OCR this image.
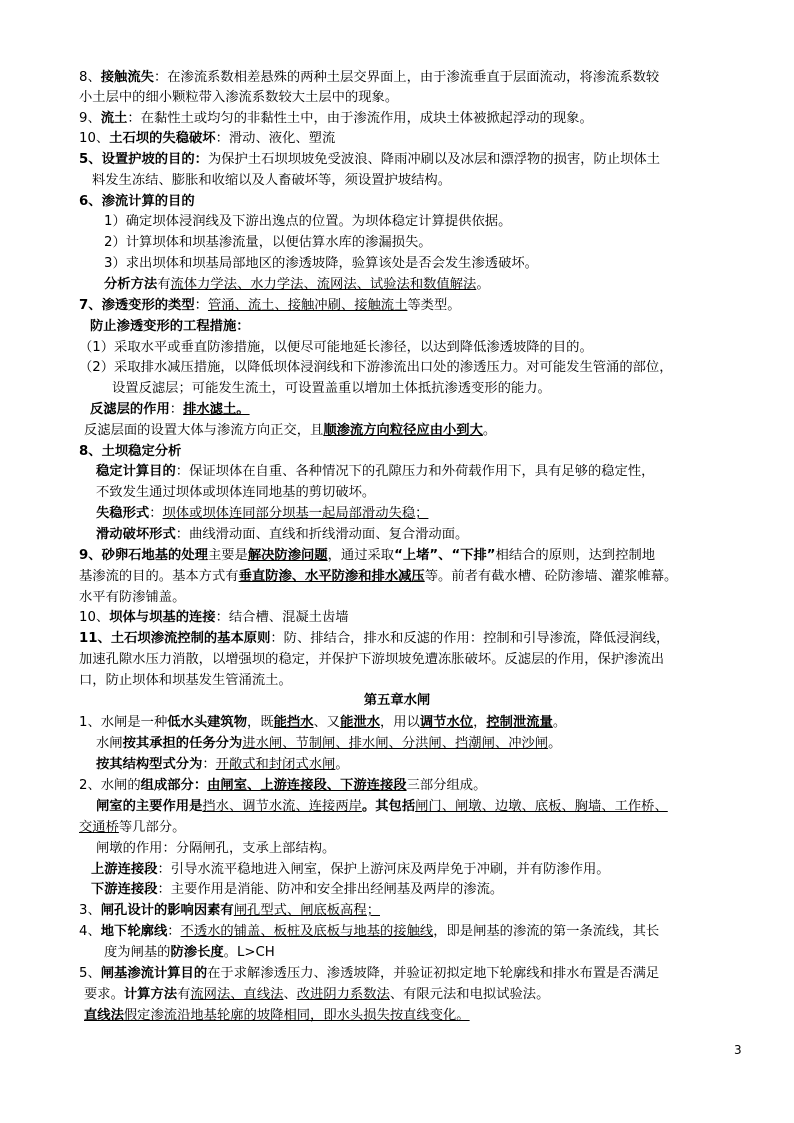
8、接触流失：在渗流系数相差悬殊的两种土层交界面上，由于渗流垂直于层面流动，将渗流系数较
小土层中的细小颗粒带入渗流系数较大土层中的现象。
9、流土：在黏性土或均匀的非黏性土中，由于渗流作用，成块土体被掀起浮动的现象。
10、土石坝的失稳破坏：滑动、液化、塑流
5、设置护坡的目的：为保护土石坝坝坡免受波浪、降雨冲刷以及冰层和漂浮物的损害，防止坝体土
料发生冻结、膨胀和收缩以及人畜破坏等，须设置护坡结构。
6、渗流计算的目的
1）确定坝体浸润线及下游出逸点的位置。为坝体稳定计算提供依据。
2）计算坝体和坝基渗流量，以便估算水库的渗漏损失。
3）求出坝体和坝基局部地区的渗透坡降，验算该处是否会发生渗透破坏。
分析方法有流体力学法、水力学法、流网法、试验法和数值解法。
7、渗透变形的类型：管涌、流土、接触冲刷、接触流土等类型。
防止渗透变形的工程措施：
（1）采取水平或垂直防渗措施，以便尽可能地延长渗径，以达到降低渗透坡降的目的。
（2）采取排水减压措施，以降低坝体浸润线和下游渗流出口处的渗透压力。对可能发生管涌的部位，
设置反滤层；可能发生流土，可设置盖重以增加土体抵抗渗透变形的能力。
反滤层的作用：排水滤土。
反滤层面的设置大体与渗流方向正交，且顺渗流方向粒径应由小到大。
8、土坝稳定分析
稳定计算目的：保证坝体在自重、各种情况下的孔隙压力和外荷载作用下，具有足够的稳定性，
不致发生通过坝体或坝体连同地基的剪切破坏。
失稳形式：坝体或坝体连同部分坝基一起局部滑动失稳；
滑动破坏形式：曲线滑动面、直线和折线滑动面、复合滑动面。
9、砂卵石地基的处理主要是解决防渗问题，通过采取“上堵”、“下排”相结合的原则，达到控制地
基渗流的目的。基本方式有垂直防渗、水平防渗和排水减压等。前者有截水槽、砼防渗墙、灌浆帷幕。
水平有防渗铺盖。
10、坝体与坝基的连接：结合槽、混凝土齿墙
11、土石坝渗流控制的基本原则：防、排结合，排水和反滤的作用：控制和引导渗流，降低浸润线，
加速孔隙水压力消散，以增强坝的稳定，并保护下游坝坡免遭冻胀破坏。反滤层的作用，保护渗流出
口，防止坝体和坝基发生管涌流土。
第五章水闸
1、水闸是一种低水头建筑物，既能挡水、又能泄水，用以调节水位，控制泄流量。
水闸按其承担的任务分为进水闸、节制闸、排水闸、分洪闸、挡潮闸、冲沙闸。
按其结构型式分为：开敞式和封闭式水闸。
2、水闸的组成部分：由闸室、上游连接段、下游连接段三部分组成。
闸室的主要作用是挡水、调节水流、连接两岸。其包括闸门、闸墩、边墩、底板、胸墙、工作桥、
交通桥等几部分。
闸墩的作用：分隔闸孔，支承上部结构。
上游连接段：引导水流平稳地进入闸室，保护上游河床及两岸免于冲刷，并有防渗作用。
下游连接段：主要作用是消能、防冲和安全排出经闸基及两岸的渗流。
3、闸孔设计的影响因素有闸孔型式、闸底板高程；
4、地下轮廓线：不透水的铺盖、板桩及底板与地基的接触线，即是闸基的渗流的第一条流线，其长
度为闸基的防渗长度。L>CH
5、闸基渗流计算目的在于求解渗透压力、渗透坡降，并验证初拟定地下轮廓线和排水布置是否满足
要求。计算方法有流网法、直线法、改进阴力系数法、有限元法和电拟试验法。
直线法假定渗流沿地基轮廓的坡降相同，即水头损失按直线变化。
3
